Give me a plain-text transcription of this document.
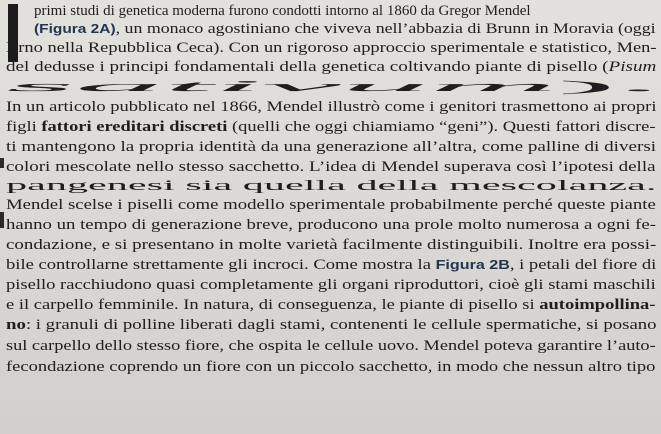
primi studi di genetica moderna furono condotti intorno al 1860 da Gregor Mendel
(Figura 2A), un monaco agostiniano che viveva nell’abbazia di Brunn in Moravia (oggi
Brno nella Repubblica Ceca). Con un rigoroso approccio sperimentale e statistico, Men-
del dedusse i principi fondamentali della genetica coltivando piante di pisello (Pisum
sativum).
In un articolo pubblicato nel 1866, Mendel illustrò come i genitori trasmettono ai propri
figli fattori ereditari discreti (quelli che oggi chiamiamo “geni”). Questi fattori discre-
ti mantengono la propria identità da una generazione all’altra, come palline di diversi
colori mescolate nello stesso sacchetto. L’idea di Mendel superava così l’ipotesi della
pangenesi sia quella della mescolanza.
Mendel scelse i piselli come modello sperimentale probabilmente perché queste piante
hanno un tempo di generazione breve, producono una prole molto numerosa a ogni fe-
condazione, e si presentano in molte varietà facilmente distinguibili. Inoltre era possi-
bile controllarne strettamente gli incroci. Come mostra la Figura 2B, i petali del fiore di
pisello racchiudono quasi completamente gli organi riproduttori, cioè gli stami maschili
e il carpello femminile. In natura, di conseguenza, le piante di pisello si autoimpollina-
no: i granuli di polline liberati dagli stami, contenenti le cellule spermatiche, si posano
sul carpello dello stesso fiore, che ospita le cellule uovo. Mendel poteva garantire l’auto-
fecondazione coprendo un fiore con un piccolo sacchetto, in modo che nessun altro tipo
